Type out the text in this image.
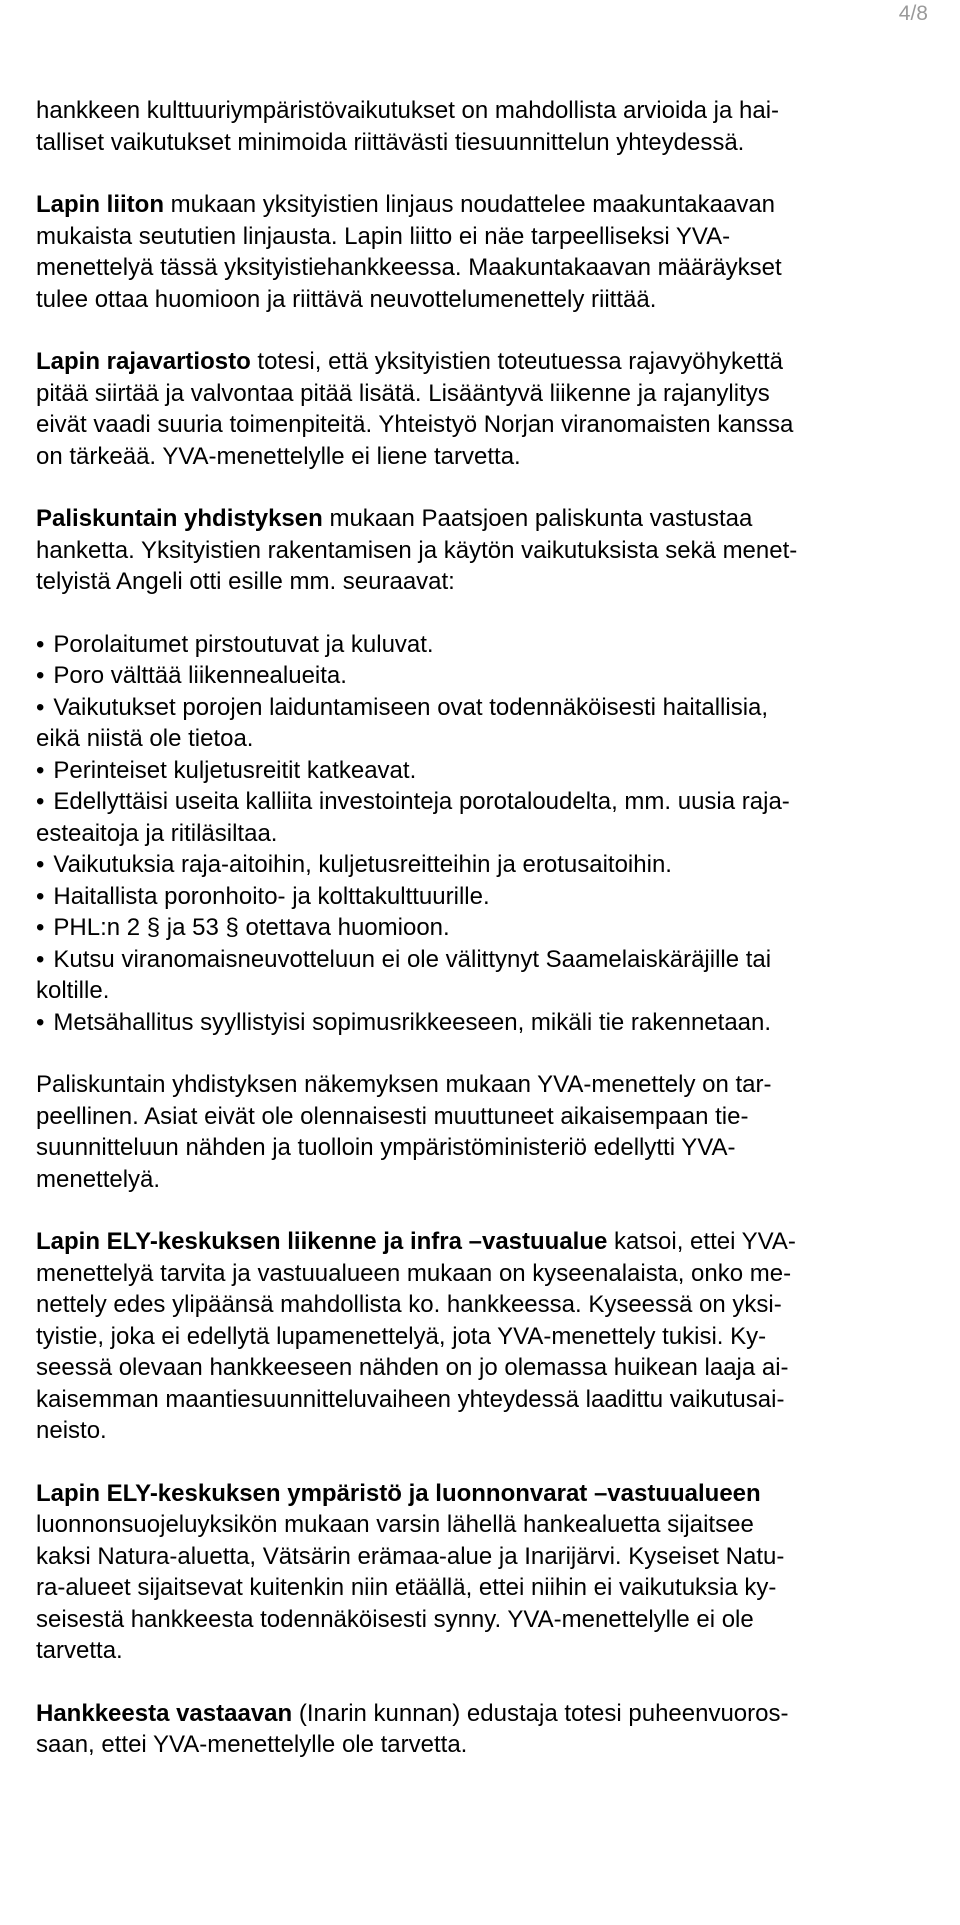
4/8

hankkeen kulttuuriympäristövaikutukset on mahdollista arvioida ja hai-
talliset vaikutukset minimoida riittävästi tiesuunnittelun yhteydessä.

Lapin liiton mukaan yksityistien linjaus noudattelee maakuntakaavan
mukaista seututien linjausta. Lapin liitto ei näe tarpeelliseksi YVA-
menettelyä tässä yksityistiehankkeessa. Maakuntakaavan määräykset
tulee ottaa huomioon ja riittävä neuvottelumenettely riittää.

Lapin rajavartiosto totesi, että yksityistien toteutuessa rajavyöhykettä
pitää siirtää ja valvontaa pitää lisätä. Lisääntyvä liikenne ja rajanylitys
eivät vaadi suuria toimenpiteitä. Yhteistyö Norjan viranomaisten kanssa
on tärkeää. YVA-menettelylle ei liene tarvetta.

Paliskuntain yhdistyksen mukaan Paatsjoen paliskunta vastustaa
hanketta. Yksityistien rakentamisen ja käytön vaikutuksista sekä menet-
telyistä Angeli otti esille mm. seuraavat:

• Porolaitumet pirstoutuvat ja kuluvat.
• Poro välttää liikennealueita.
• Vaikutukset porojen laiduntamiseen ovat todennäköisesti haitallisia,
eikä niistä ole tietoa.
• Perinteiset kuljetusreitit katkeavat.
• Edellyttäisi useita kalliita investointeja porotaloudelta, mm. uusia raja-
esteaitoja ja ritiläsiltaa.
• Vaikutuksia raja-aitoihin, kuljetusreitteihin ja erotusaitoihin.
• Haitallista poronhoito- ja kolttakulttuurille.
• PHL:n 2 § ja 53 § otettava huomioon.
• Kutsu viranomaisneuvotteluun ei ole välittynyt Saamelaiskäräjille tai
koltille.
• Metsähallitus syyllistyisi sopimusrikkeeseen, mikäli tie rakennetaan.

Paliskuntain yhdistyksen näkemyksen mukaan YVA-menettely on tar-
peellinen. Asiat eivät ole olennaisesti muuttuneet aikaisempaan tie-
suunnitteluun nähden ja tuolloin ympäristöministeriö edellytti YVA-
menettelyä.

Lapin ELY-keskuksen liikenne ja infra –vastuualue katsoi, ettei YVA-
menettelyä tarvita ja vastuualueen mukaan on kyseenalaista, onko me-
nettely edes ylipäänsä mahdollista ko. hankkeessa. Kyseessä on yksi-
tyistie, joka ei edellytä lupamenettelyä, jota YVA-menettely tukisi. Ky-
seessä olevaan hankkeeseen nähden on jo olemassa huikean laaja ai-
kaisemman maantiesuunnitteluvaiheen yhteydessä laadittu vaikutusai-
neisto.

Lapin ELY-keskuksen ympäristö ja luonnonvarat –vastuualueen
luonnonsuojeluyksikön mukaan varsin lähellä hankealuetta sijaitsee
kaksi Natura-aluetta, Vätsärin erämaa-alue ja Inarijärvi. Kyseiset Natu-
ra-alueet sijaitsevat kuitenkin niin etäällä, ettei niihin ei vaikutuksia ky-
seisestä hankkeesta todennäköisesti synny. YVA-menettelylle ei ole
tarvetta.

Hankkeesta vastaavan (Inarin kunnan) edustaja totesi puheenvuoros-
saan, ettei YVA-menettelylle ole tarvetta.
